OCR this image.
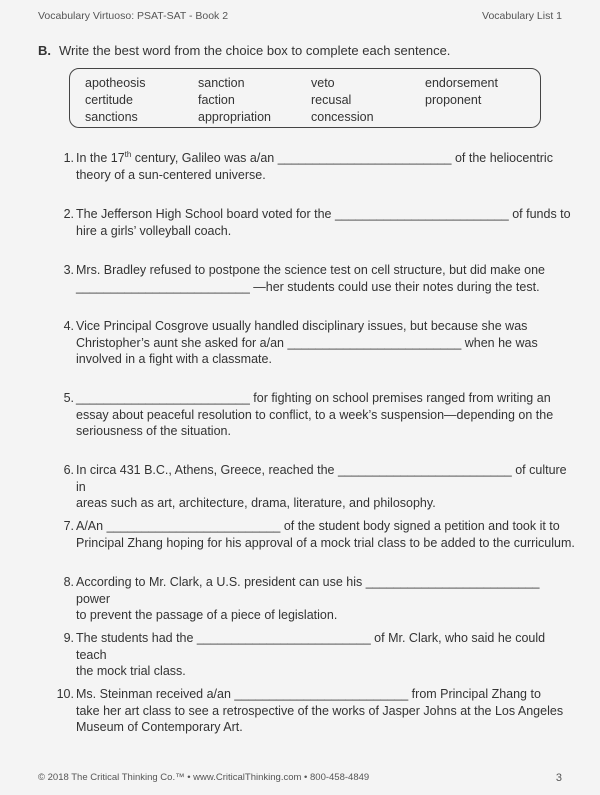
Vocabulary Virtuoso: PSAT-SAT - Book 2	Vocabulary List 1
B. Write the best word from the choice box to complete each sentence.
apotheosis	sanction	veto	endorsement
certitude	faction	recusal	proponent
sanctions	appropriation	concession
1. In the 17th century, Galileo was a/an _________________________ of the heliocentric
theory of a sun-centered universe.
2. The Jefferson High School board voted for the _________________________ of funds to
hire a girls’ volleyball coach.
3. Mrs. Bradley refused to postpone the science test on cell structure, but did make one
_________________________ —her students could use their notes during the test.
4. Vice Principal Cosgrove usually handled disciplinary issues, but because she was
Christopher’s aunt she asked for a/an _________________________ when he was
involved in a fight with a classmate.
5. _________________________ for fighting on school premises ranged from writing an
essay about peaceful resolution to conflict, to a week’s suspension—depending on the
seriousness of the situation.
6. In circa 431 B.C., Athens, Greece, reached the _________________________ of culture in
areas such as art, architecture, drama, literature, and philosophy.
7. A/An _________________________ of the student body signed a petition and took it to
Principal Zhang hoping for his approval of a mock trial class to be added to the curriculum.
8. According to Mr. Clark, a U.S. president can use his _________________________ power
to prevent the passage of a piece of legislation.
9. The students had the _________________________ of Mr. Clark, who said he could teach
the mock trial class.
10. Ms. Steinman received a/an _________________________ from Principal Zhang to
take her art class to see a retrospective of the works of Jasper Johns at the Los Angeles
Museum of Contemporary Art.
© 2018 The Critical Thinking Co.™ • www.CriticalThinking.com • 800-458-4849	3
